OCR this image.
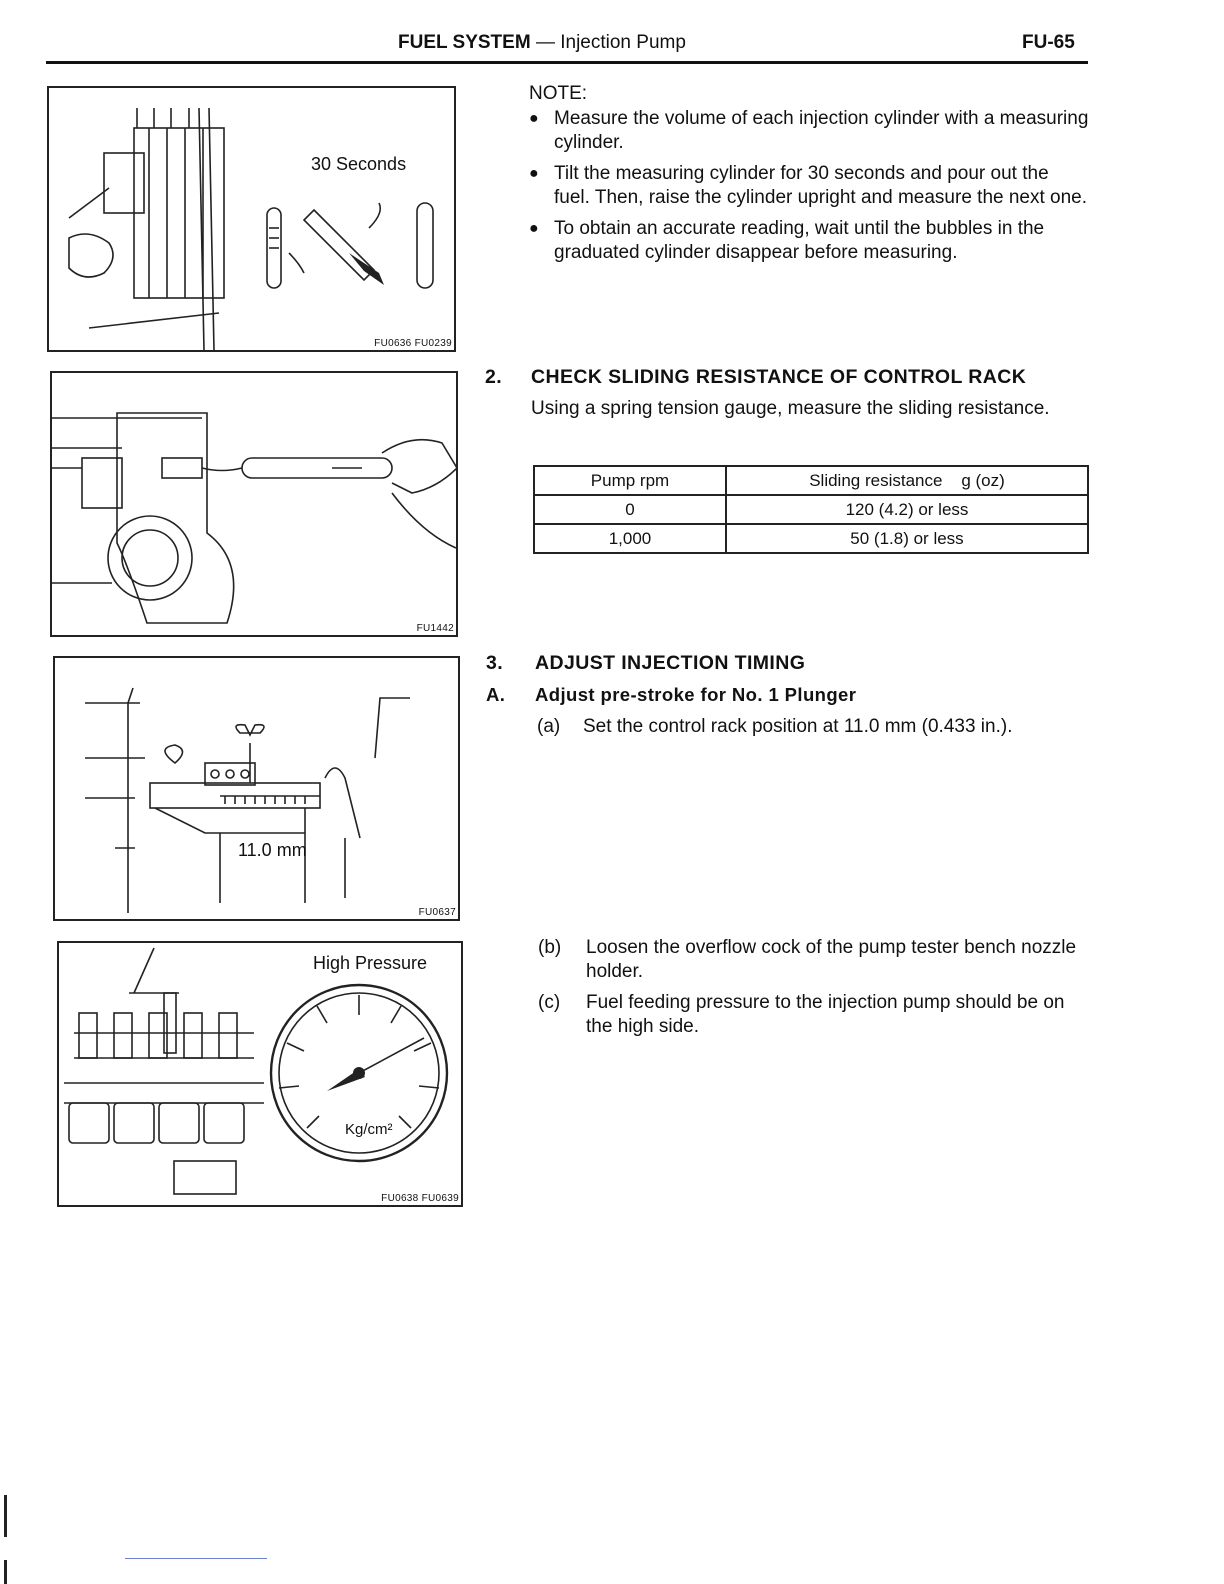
FUEL SYSTEM — Injection Pump	FU-65
30 Seconds
FU0636 FU0239
FU1442
11.0 mm
FU0637
High Pressure
Kg/cm²
FU0638 FU0639
NOTE:
● Measure the volume of each injection cylinder with a measuring cylinder.
● Tilt the measuring cylinder for 30 seconds and pour out the fuel. Then, raise the cylinder upright and measure the next one.
● To obtain an accurate reading, wait until the bubbles in the graduated cylinder disappear before measuring.
2. CHECK SLIDING RESISTANCE OF CONTROL RACK
Using a spring tension gauge, measure the sliding resistance.
Pump rpm	Sliding resistance    g (oz)
0	120 (4.2) or less
1,000	50 (1.8) or less
3. ADJUST INJECTION TIMING
A. Adjust pre-stroke for No. 1 Plunger
(a)	Set the control rack position at 11.0 mm (0.433 in.).
(b)	Loosen the overflow cock of the pump tester bench nozzle holder.
(c)	Fuel feeding pressure to the injection pump should be on the high side.
